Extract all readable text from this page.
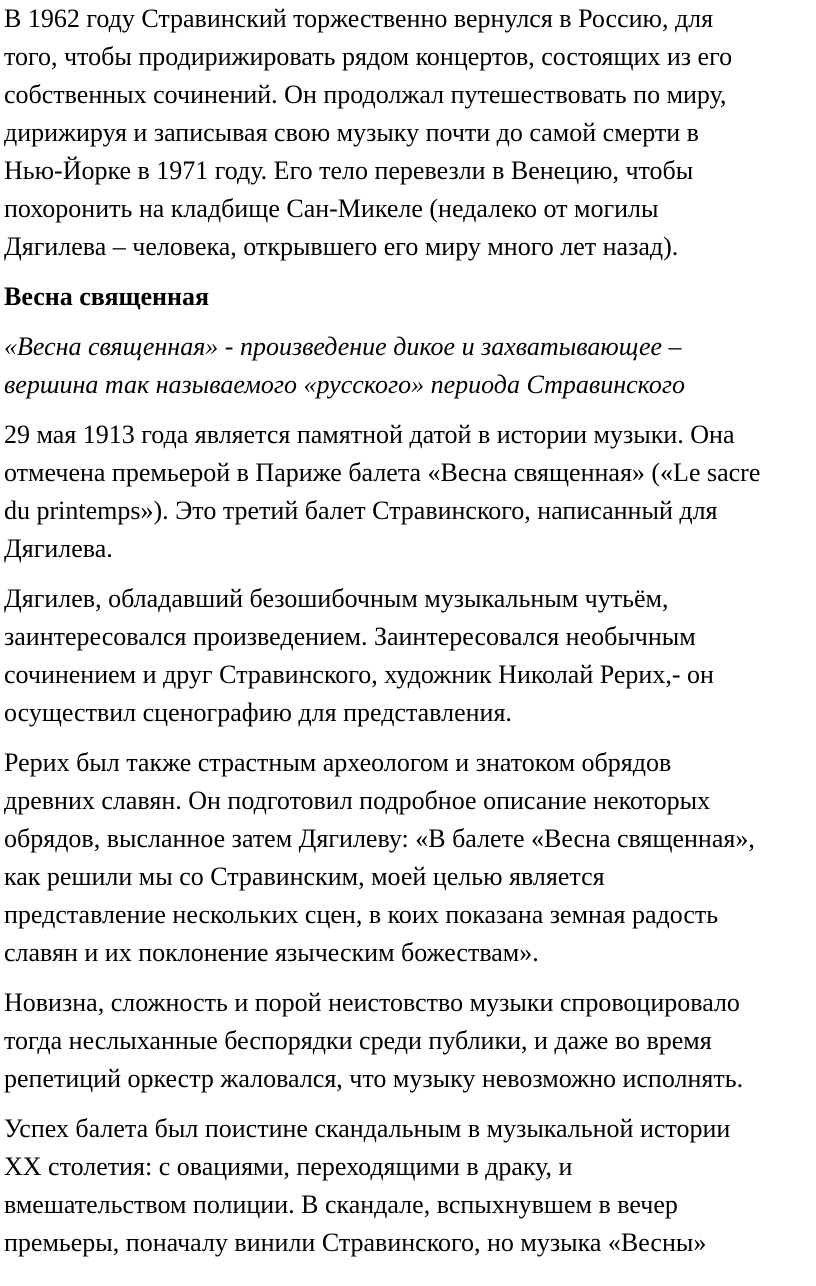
В 1962 году Стравинский торжественно вернулся в Россию, для
того, чтобы продирижировать рядом концертов, состоящих из его
собственных сочинений. Он продолжал путешествовать по миру,
дирижируя и записывая свою музыку почти до самой смерти в
Нью-Йорке в 1971 году. Его тело перевезли в Венецию, чтобы
похоронить на кладбище Сан-Микеле (недалеко от могилы
Дягилева – человека, открывшего его миру много лет назад).

Весна священная

«Весна священная» - произведение дикое и захватывающее –
вершина так называемого «русского» периода Стравинского

29 мая 1913 года является памятной датой в истории музыки. Она
отмечена премьерой в Париже балета «Весна священная» («Le sacre
du printemps»). Это третий балет Стравинского, написанный для
Дягилева.

Дягилев, обладавший безошибочным музыкальным чутьём,
заинтересовался произведением. Заинтересовался необычным
сочинением и друг Стравинского, художник Николай Рерих,- он
осуществил сценографию для представления.

Рерих был также страстным археологом и знатоком обрядов
древних славян. Он подготовил подробное описание некоторых
обрядов, высланное затем Дягилеву: «В балете «Весна священная»,
как решили мы со Стравинским, моей целью является
представление нескольких сцен, в коих показана земная радость
славян и их поклонение языческим божествам».

Новизна, сложность и порой неистовство музыки спровоцировало
тогда неслыханные беспорядки среди публики, и даже во время
репетиций оркестр жаловался, что музыку невозможно исполнять.

Успех балета был поистине скандальным в музыкальной истории
XX столетия: с овациями, переходящими в драку, и
вмешательством полиции. В скандале, вспыхнувшем в вечер
премьеры, поначалу винили Стравинского, но музыка «Весны»
